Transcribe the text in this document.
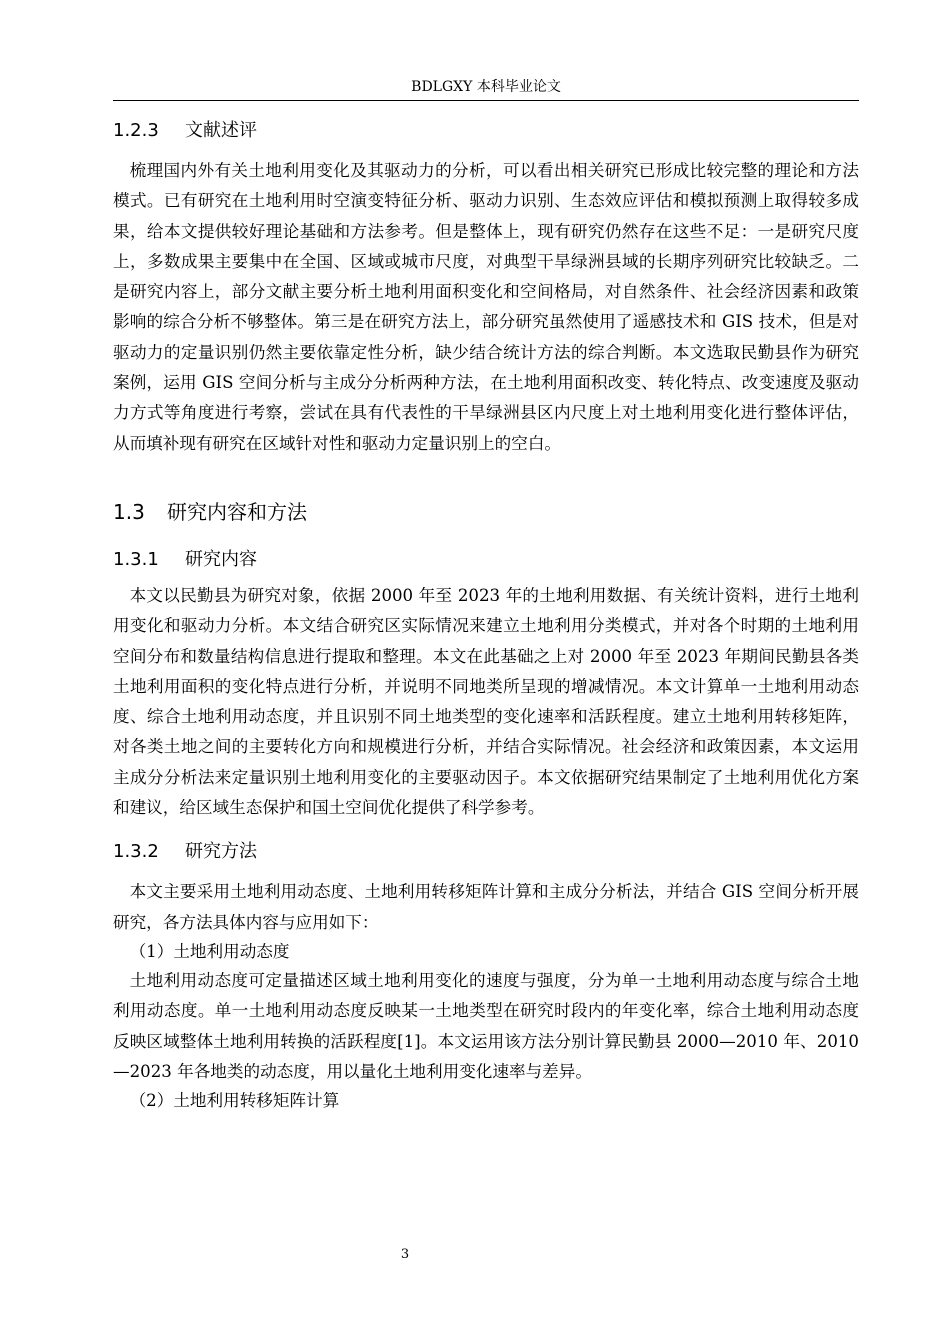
BDLGXY 本科毕业论文
1.2.3 文献述评

梳理国内外有关土地利用变化及其驱动力的分析，可以看出相关研究已形成比较完整的理论和方法模式。已有研究在土地利用时空演变特征分析、驱动力识别、生态效应评估和模拟预测上取得较多成果，给本文提供较好理论基础和方法参考。但是整体上，现有研究仍然存在这些不足：一是研究尺度上，多数成果主要集中在全国、区域或城市尺度，对典型干旱绿洲县域的长期序列研究比较缺乏。二是研究内容上，部分文献主要分析土地利用面积变化和空间格局，对自然条件、社会经济因素和政策影响的综合分析不够整体。第三是在研究方法上，部分研究虽然使用了遥感技术和 GIS 技术，但是对驱动力的定量识别仍然主要依靠定性分析，缺少结合统计方法的综合判断。本文选取民勤县作为研究案例，运用 GIS 空间分析与主成分分析两种方法，在土地利用面积改变、转化特点、改变速度及驱动力方式等角度进行考察，尝试在具有代表性的干旱绿洲县区内尺度上对土地利用变化进行整体评估，从而填补现有研究在区域针对性和驱动力定量识别上的空白。

1.3 研究内容和方法
1.3.1 研究内容

本文以民勤县为研究对象，依据 2000 年至 2023 年的土地利用数据、有关统计资料，进行土地利用变化和驱动力分析。本文结合研究区实际情况来建立土地利用分类模式，并对各个时期的土地利用空间分布和数量结构信息进行提取和整理。本文在此基础之上对 2000 年至 2023 年期间民勤县各类土地利用面积的变化特点进行分析，并说明不同地类所呈现的增减情况。本文计算单一土地利用动态度、综合土地利用动态度，并且识别不同土地类型的变化速率和活跃程度。建立土地利用转移矩阵，对各类土地之间的主要转化方向和规模进行分析，并结合实际情况。社会经济和政策因素，本文运用主成分分析法来定量识别土地利用变化的主要驱动因子。本文依据研究结果制定了土地利用优化方案和建议，给区域生态保护和国土空间优化提供了科学参考。

1.3.2 研究方法

本文主要采用土地利用动态度、土地利用转移矩阵计算和主成分分析法，并结合 GIS 空间分析开展研究，各方法具体内容与应用如下：

（1）土地利用动态度

土地利用动态度可定量描述区域土地利用变化的速度与强度，分为单一土地利用动态度与综合土地利用动态度。单一土地利用动态度反映某一土地类型在研究时段内的年变化率，综合土地利用动态度反映区域整体土地利用转换的活跃程度[1]。本文运用该方法分别计算民勤县 2000—2010 年、2010—2023 年各地类的动态度，用以量化土地利用变化速率与差异。

（2）土地利用转移矩阵计算

3
